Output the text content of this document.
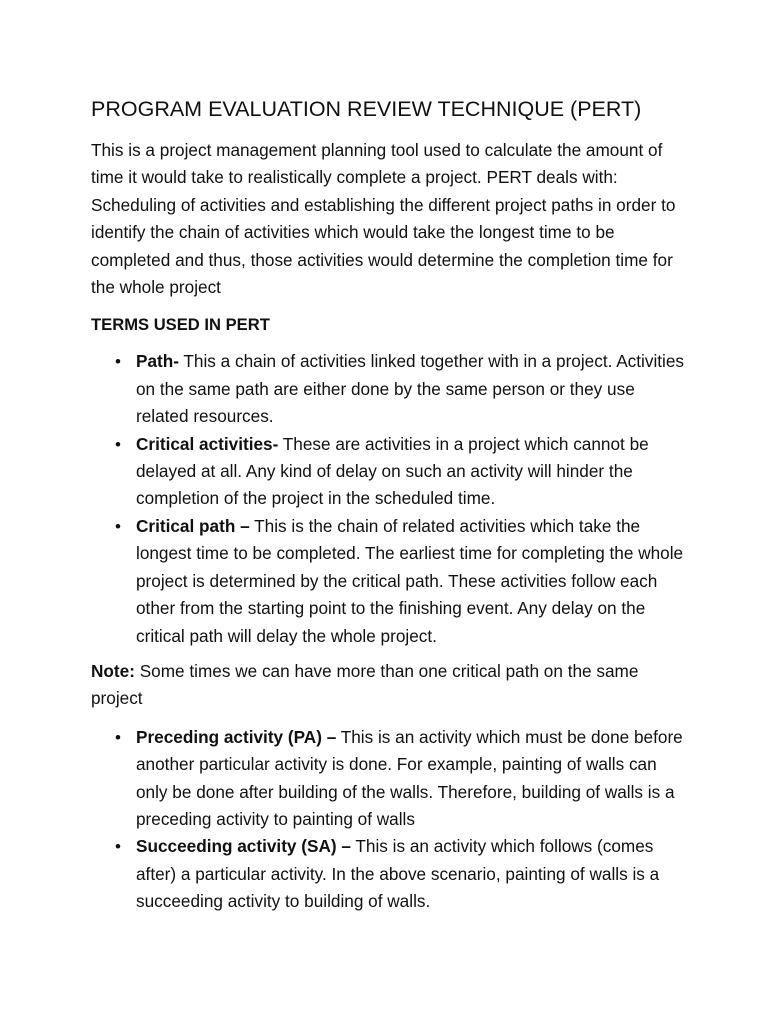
PROGRAM EVALUATION REVIEW TECHNIQUE (PERT)

This is a project management planning tool used to calculate the amount of time it would take to realistically complete a project. PERT deals with: Scheduling of activities and establishing the different project paths in order to identify the chain of activities which would take the longest time to be completed and thus, those activities would determine the completion time for the whole project

TERMS USED IN PERT
• Path- This a chain of activities linked together with in a project. Activities on the same path are either done by the same person or they use related resources.
• Critical activities- These are activities in a project which cannot be delayed at all. Any kind of delay on such an activity will hinder the completion of the project in the scheduled time.
• Critical path – This is the chain of related activities which take the longest time to be completed. The earliest time for completing the whole project is determined by the critical path. These activities follow each other from the starting point to the finishing event. Any delay on the critical path will delay the whole project.

Note: Some times we can have more than one critical path on the same project

• Preceding activity (PA) – This is an activity which must be done before another particular activity is done. For example, painting of walls can only be done after building of the walls. Therefore, building of walls is a preceding activity to painting of walls
• Succeeding activity (SA) – This is an activity which follows (comes after) a particular activity. In the above scenario, painting of walls is a succeeding activity to building of walls.
